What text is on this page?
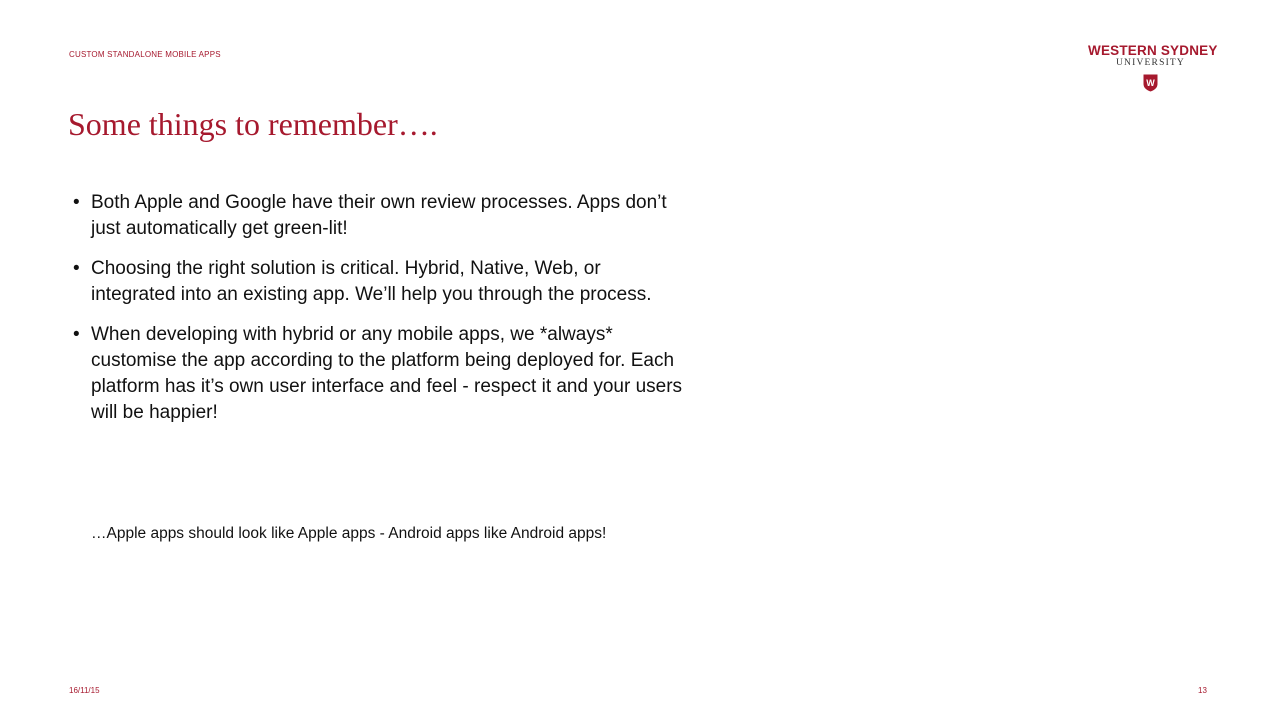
CUSTOM STANDALONE MOBILE APPS
Some things to remember….
WESTERN SYDNEY
UNIVERSITY
W
• Both Apple and Google have their own review processes. Apps don’t just automatically get green-lit!
• Choosing the right solution is critical. Hybrid, Native, Web, or integrated into an existing app. We’ll help you through the process.
• When developing with hybrid or any mobile apps, we *always* customise the app according to the platform being deployed for. Each platform has it’s own user interface and feel - respect it and your users will be happier!

…Apple apps should look like Apple apps - Android apps like Android apps!

16/11/15	13
